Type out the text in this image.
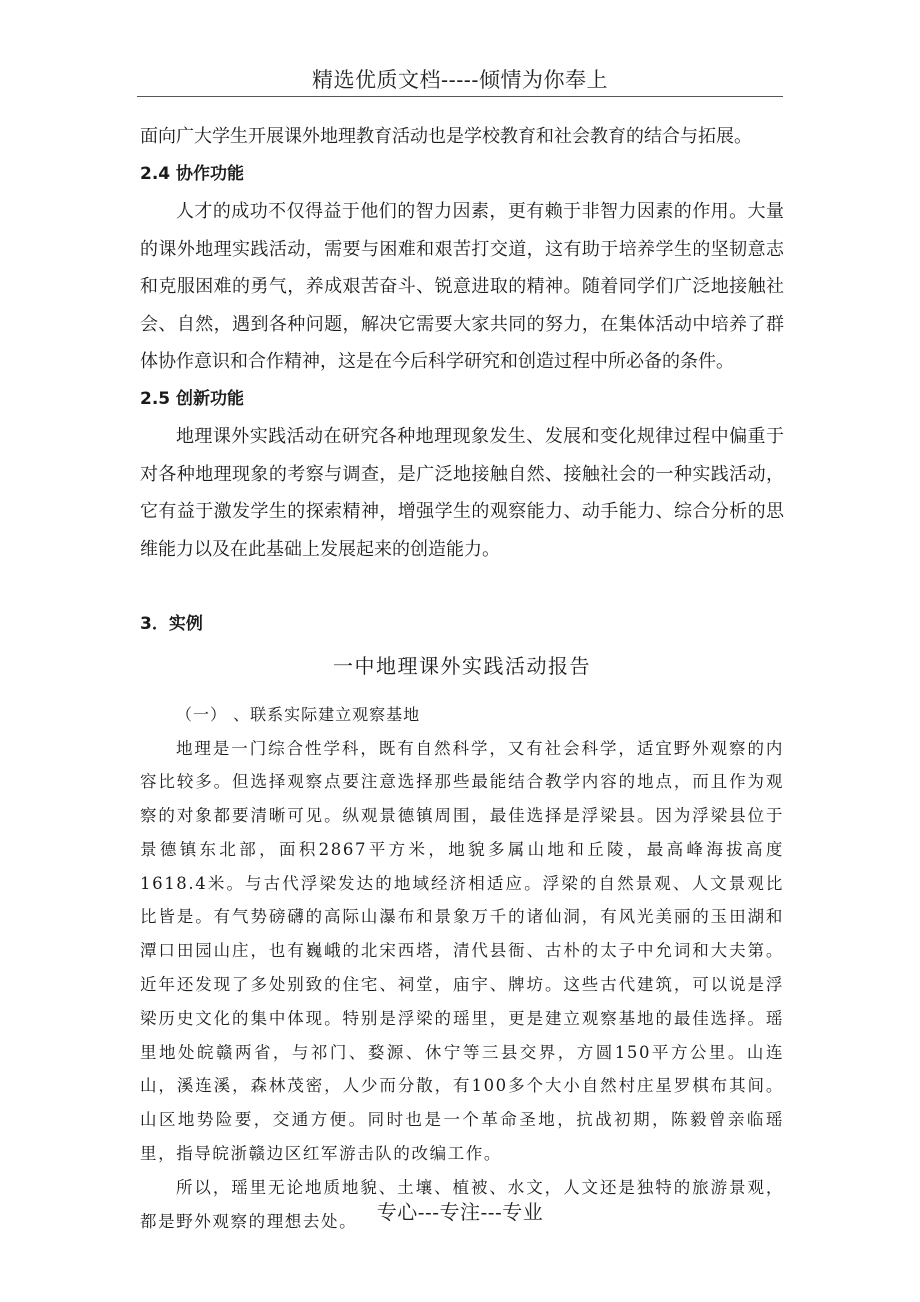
精选优质文档-----倾情为你奉上

面向广大学生开展课外地理教育活动也是学校教育和社会教育的结合与拓展。

2.4 协作功能

人才的成功不仅得益于他们的智力因素，更有赖于非智力因素的作用。大量的课外地理实践活动，需要与困难和艰苦打交道，这有助于培养学生的坚韧意志和克服困难的勇气，养成艰苦奋斗、锐意进取的精神。随着同学们广泛地接触社会、自然，遇到各种问题，解决它需要大家共同的努力，在集体活动中培养了群体协作意识和合作精神，这是在今后科学研究和创造过程中所必备的条件。

2.5 创新功能

地理课外实践活动在研究各种地理现象发生、发展和变化规律过程中偏重于对各种地理现象的考察与调查，是广泛地接触自然、接触社会的一种实践活动，它有益于激发学生的探索精神，增强学生的观察能力、动手能力、综合分析的思维能力以及在此基础上发展起来的创造能力。

3．实例

一中地理课外实践活动报告

（一） 、联系实际建立观察基地

地理是一门综合性学科，既有自然科学，又有社会科学，适宜野外观察的内容比较多。但选择观察点要注意选择那些最能结合教学内容的地点，而且作为观察的对象都要清晰可见。纵观景德镇周围，最佳选择是浮梁县。因为浮梁县位于景德镇东北部，面积2867平方米，地貌多属山地和丘陵，最高峰海拔高度1618.4米。与古代浮梁发达的地域经济相适应。浮梁的自然景观、人文景观比比皆是。有气势磅礴的高际山瀑布和景象万千的诸仙洞，有风光美丽的玉田湖和潭口田园山庄，也有巍峨的北宋西塔，清代县衙、古朴的太子中允词和大夫第。近年还发现了多处别致的住宅、祠堂，庙宇、牌坊。这些古代建筑，可以说是浮梁历史文化的集中体现。特别是浮梁的瑶里，更是建立观察基地的最佳选择。瑶里地处皖赣两省，与祁门、婺源、休宁等三县交界，方圆150平方公里。山连山，溪连溪，森林茂密，人少而分散，有100多个大小自然村庄星罗棋布其间。山区地势险要，交通方便。同时也是一个革命圣地，抗战初期，陈毅曾亲临瑶里，指导皖浙赣边区红军游击队的改编工作。

所以，瑶里无论地质地貌、土壤、植被、水文，人文还是独特的旅游景观，都是野外观察的理想去处。 专心---专注---专业
